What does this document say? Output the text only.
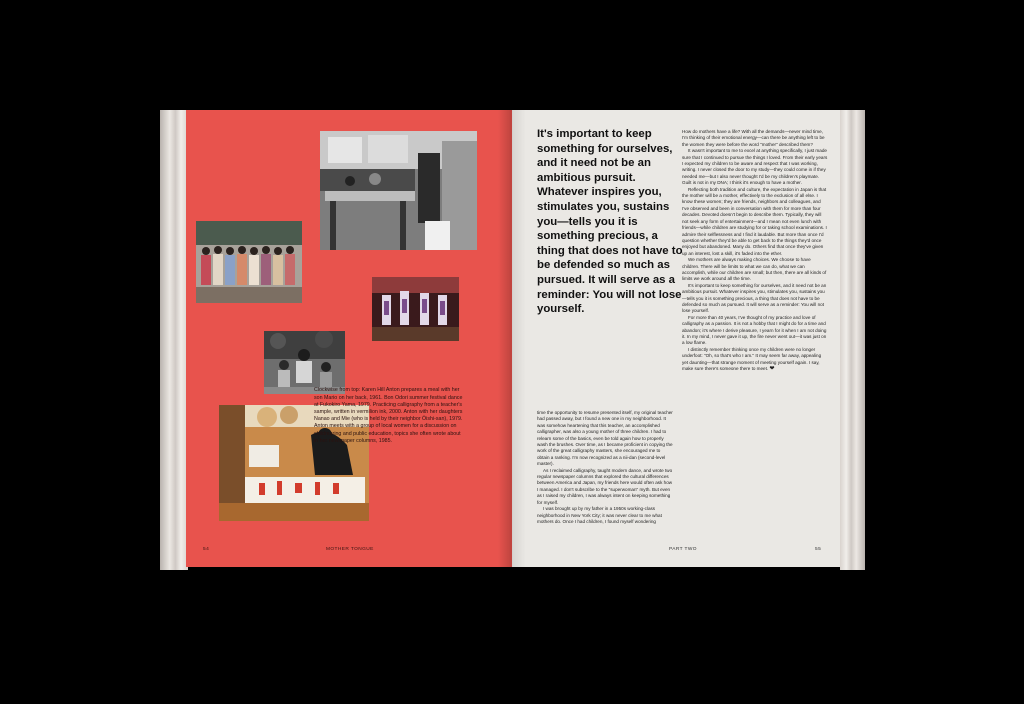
Clockwise from top: Karen Hill Anton prepares a meal with her son Mario on her back, 1961. Bon Odori summer festival dance at Fukokiro Yama, 1979. Practicing calligraphy from a teacher's sample, written in vermilion ink, 2000. Anton with her daughters Nanao and Mie (who is held by their neighbor Ōishi-san), 1979. Anton meets with a group of local women for a discussion on childrearing and public education, topics she often wrote about in her newspaper columns, 1985.

54	MOTHER TONGUE

It's important to keep something for ourselves, and it need not be an ambitious pursuit. Whatever inspires you, stimulates you, sustains you—tells you it is something precious, a thing that does not have to be defended so much as pursued. It will serve as a reminder: You will not lose yourself.

How do mothers have a life? With all the demands—never mind time, I'm thinking of their emotional energy—can there be anything left to be the women they were before the word "mother" described them?

It wasn't important to me to excel at anything specifically, I just made sure that I continued to pursue the things I loved. From their early years I expected my children to be aware and respect that I was working, writing. I never closed the door to my study—they could come in if they needed me—but I also never thought I'd be my children's playmate. Guilt is not in my DNA; I think it's enough to have a mother.

Reflecting both tradition and culture, the expectation in Japan is that the mother will be a mother, effectively to the exclusion of all else. I know these women; they are friends, neighbors and colleagues, and I've observed and been in conversation with them for more than four decades. Devoted doesn't begin to describe them. Typically, they will not seek any form of entertainment—and I mean not even lunch with friends—while children are studying for or taking school examinations. I admire their selflessness and I find it laudable. But more than once I'd question whether they'd be able to get back to the things they'd once enjoyed but abandoned. Many do. Others find that once they've given up an interest, lost a skill, it's faded into the ether.

We mothers are always making choices. We choose to have children. There will be limits to what we can do, what we can accomplish, while our children are small; but then, there are all kinds of limits we work around all the time.

It's important to keep something for ourselves, and it need not be an ambitious pursuit. Whatever inspires you, stimulates you, sustains you—tells you it is something precious, a thing that does not have to be defended so much as pursued. It will serve as a reminder: You will not lose yourself.

For more than 40 years, I've thought of my practice and love of calligraphy as a passion. It is not a hobby that I might do for a time and abandon; it's where I derive pleasure, I yearn for it when I am not doing it. In my mind, I never gave it up, the fire never went out—it was just on a low flame.

I distinctly remember thinking once my children were no longer underfoot: "Oh, so that's who I am." It may seem far away, appealing yet daunting—that strange moment of meeting yourself again. I say, make sure there's someone there to meet. ❤

time the opportunity to resume presented itself, my original teacher had passed away, but I found a new one in my neighborhood. It was somehow heartening that this teacher, an accomplished calligrapher, was also a young mother of three children. I had to relearn some of the basics, even be told again how to properly wash the brushes. Over time, as I became proficient in copying the work of the great calligraphy masters, she encouraged me to obtain a ranking. I'm now recognized as a nii-dan (second-level master).

As I reclaimed calligraphy, taught modern dance, and wrote two regular newspaper columns that explored the cultural differences between America and Japan, my friends here would often ask how I managed. I don't subscribe to the "superwoman" myth. But even as I raised my children, I was always intent on keeping something for myself.

I was brought up by my father in a 1950s working-class neighborhood in New York City; it was never clear to me what mothers do. Once I had children, I found myself wondering

PART TWO	55
